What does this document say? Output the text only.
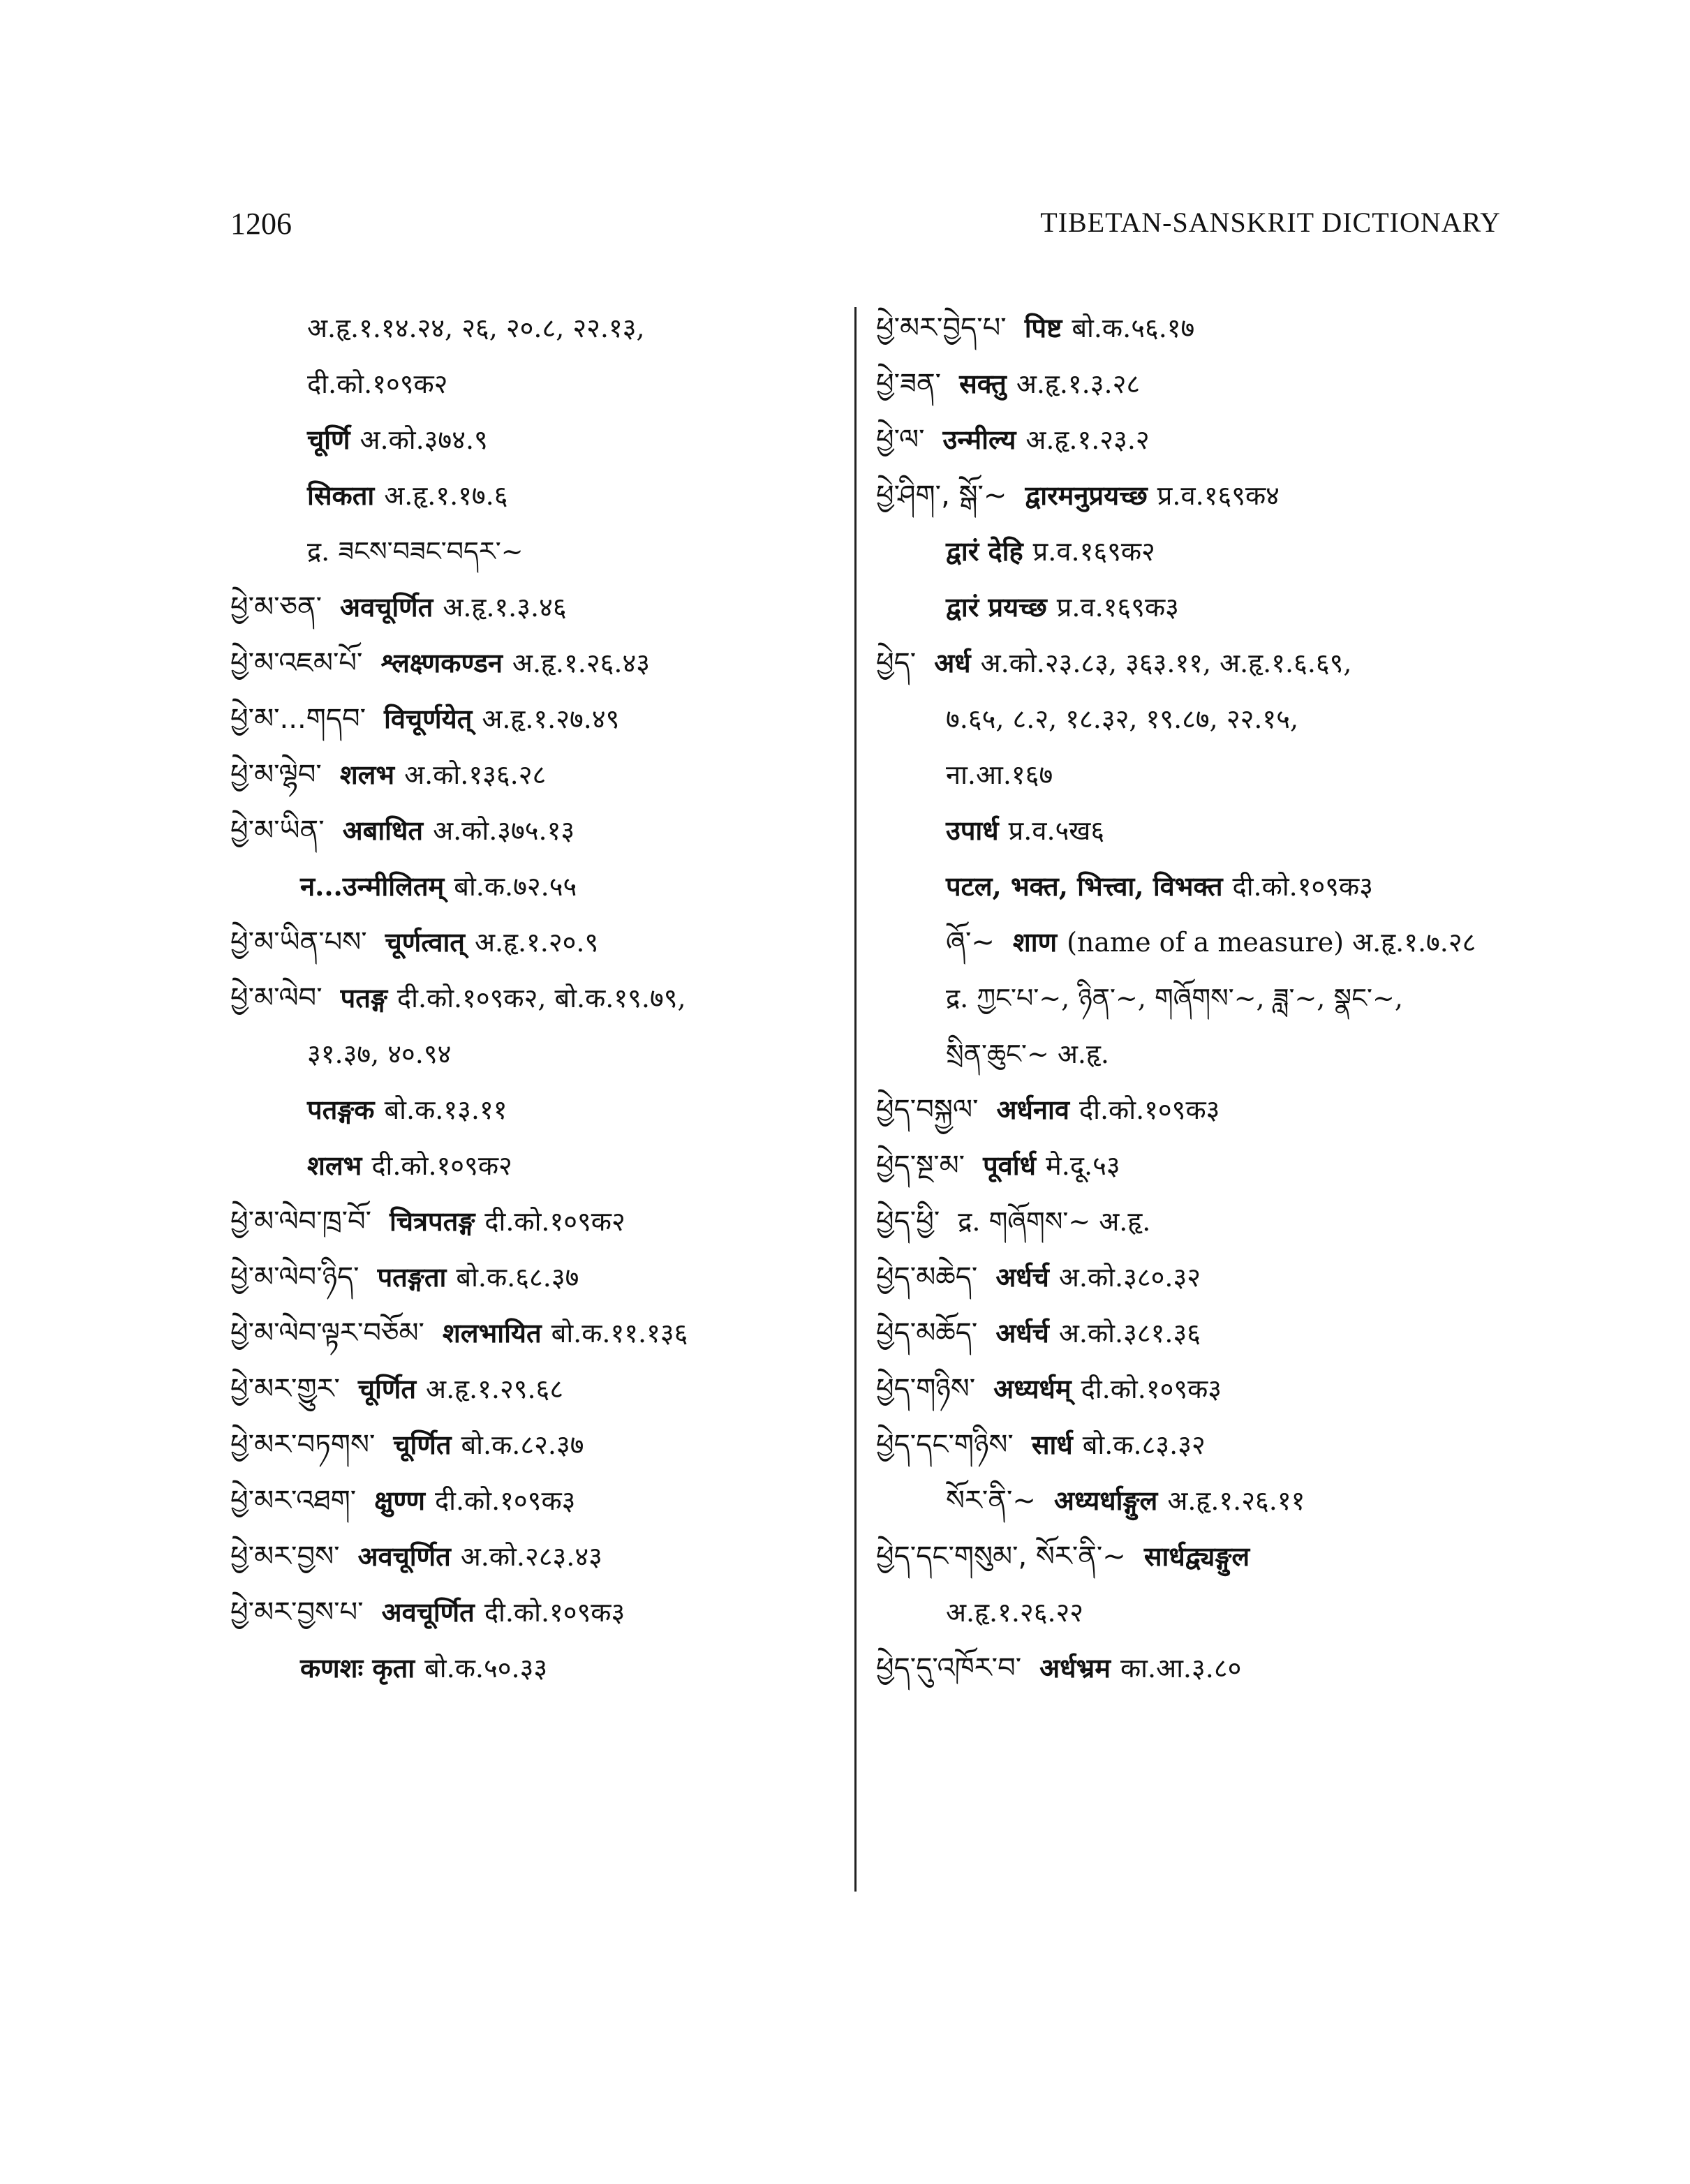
1206	TIBETAN-SANSKRIT DICTIONARY
अ.हृ.१.१४.२४, २६, २०.८, २२.१३,
दी.को.१०९क२
चूर्णि अ.को.३७४.९
सिकता अ.हृ.१.१७.६
द्र. ཟངས་བཟང་བདར་~
ཕྱེ་མ་ཅན་ अवचूर्णित अ.हृ.१.३.४६
ཕྱེ་མ་འཇམ་པོ་ श्लक्ष्णकण्डन अ.हृ.१.२६.४३
ཕྱེ་མ་...གདབ་ विचूर्णयेत् अ.हृ.१.२७.४९
ཕྱེ་མ་ལྷེབ་ शलभ अ.को.१३६.२८
ཕྱེ་མ་ཡིན་ अबाधित अ.को.३७५.१३
न...उन्मीलितम् बो.क.७२.५५
ཕྱེ་མ་ཡིན་པས་ चूर्णत्वात् अ.हृ.१.२०.९
ཕྱེ་མ་ལེབ་ पतङ्ग दी.को.१०९क२, बो.क.१९.७९,
३१.३७, ४०.९४
पतङ्गक बो.क.१३.११
शलभ दी.को.१०९क२
ཕྱེ་མ་ལེབ་ཁྲ་བོ་ चित्रपतङ्ग दी.को.१०९क२
ཕྱེ་མ་ལེབ་ཉིད་ पतङ्गता बो.क.६८.३७
ཕྱེ་མ་ལེབ་ལྟར་བཅོམ་ शलभायित बो.क.११.१३६
ཕྱེ་མར་གྱུར་ चूर्णित अ.हृ.१.२९.६८
ཕྱེ་མར་བཏགས་ चूर्णित बो.क.८२.३७
ཕྱེ་མར་འཐག་ क्षुण्ण दी.को.१०९क३
ཕྱེ་མར་བྱས་ अवचूर्णित अ.को.२८३.४३
ཕྱེ་མར་བྱས་པ་ अवचूर्णित दी.को.१०९क३
कणशः कृता बो.क.५०.३३
ཕྱེ་མར་བྱེད་པ་ पिष्ट बो.क.५६.१७
ཕྱེ་ཟན་ सक्तु अ.हृ.१.३.२८
ཕྱེ་ལ་ उन्मील्य अ.हृ.१.२३.२
ཕྱེ་ཤིག་, སྒོ་~ द्वारमनुप्रयच्छ प्र.व.१६९क४
द्वारं देहि प्र.व.१६९क२
द्वारं प्रयच्छ प्र.व.१६९क३
ཕྱེད་ अर्ध अ.को.२३.८३, ३६३.११, अ.हृ.१.६.६९,
७.६५, ८.२, १८.३२, १९.८७, २२.१५,
ना.आ.१६७
उपार्ध प्र.व.५ख६
पटल, भक्त, भित्त्वा, विभक्त दी.को.१०९क३
ཞོ་~ शाण (name of a measure) अ.हृ.१.७.२८
द्र. ཀྱང་པ་~, ཉིན་~, གཞོགས་~, ཟླ་~, སྣང་~,
སྲིན་ཆུང་~ अ.हृ.
ཕྱེད་བསྐྱལ་ अर्धनाव दी.को.१०९क३
ཕྱེད་སྔ་མ་ पूर्वार्ध मे.दू.५३
ཕྱེད་ཕྱི་ द्र. གཞོགས་~ अ.हृ.
ཕྱེད་མཆེད་ अर्धर्च अ.को.३८०.३२
ཕྱེད་མཆོད་ अर्धर्च अ.को.३८१.३६
ཕྱེད་གཉིས་ अध्यर्धम् दी.को.१०९क३
ཕྱེད་དང་གཉིས་ सार्ध बो.क.८३.३२
སོར་ནི་~ अध्यर्धाङ्गुल अ.हृ.१.२६.११
ཕྱེད་དང་གསུམ་, སོར་ནི་~ सार्धद्व्यङ्गुल
अ.हृ.१.२६.२२
ཕྱེད་དུ་འཁོར་བ་ अर्धभ्रम का.आ.३.८०
